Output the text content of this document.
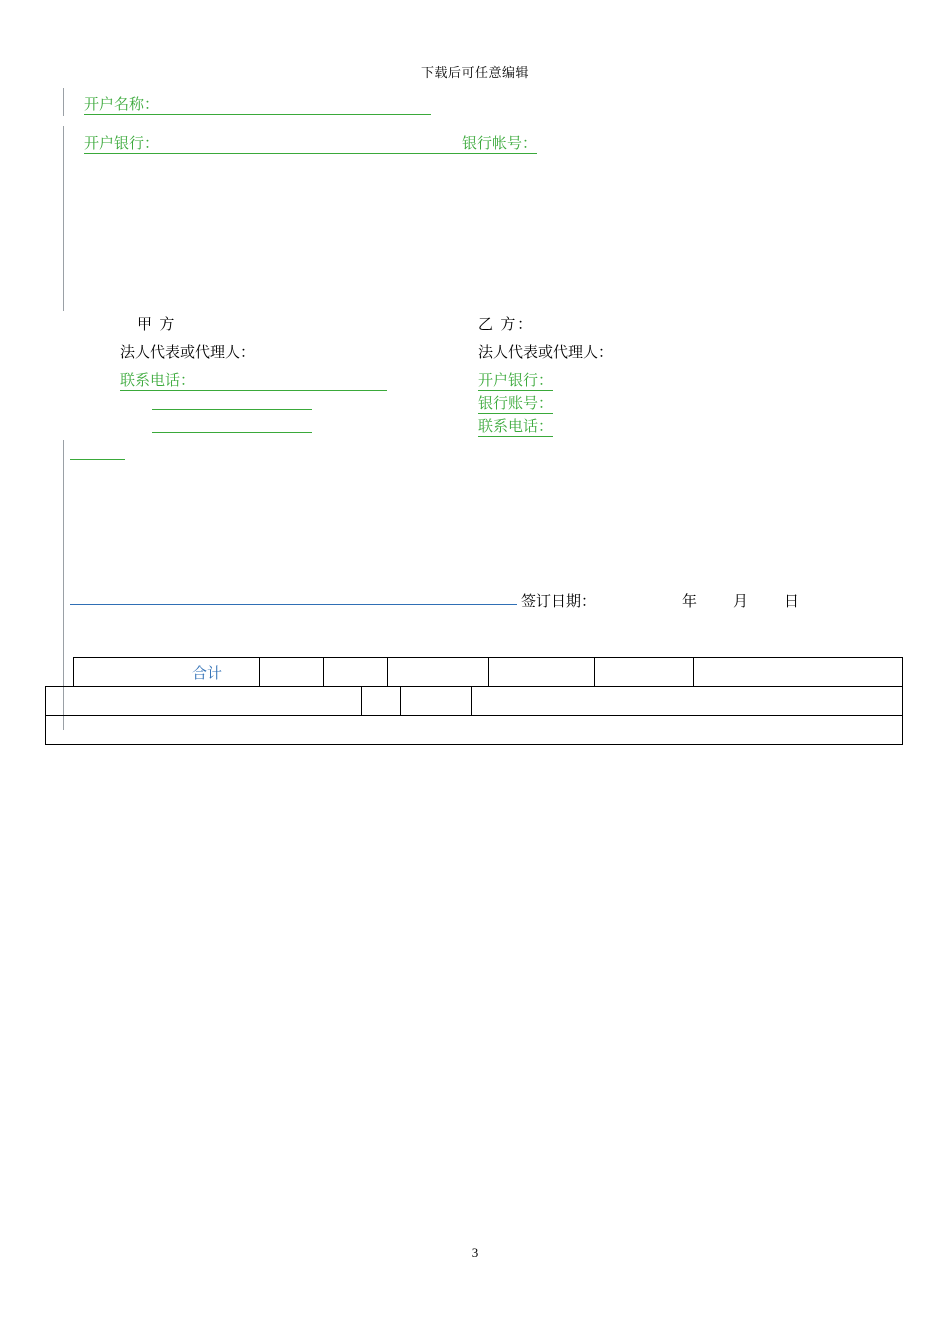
下载后可任意编辑
开户名称：
开户银行：	银行帐号：
甲 方	乙 方：
法人代表或代理人：	法人代表或代理人：
联系电话：	开户银行：
银行账号：
联系电话：
签订日期：	年 月 日
合计						

3
